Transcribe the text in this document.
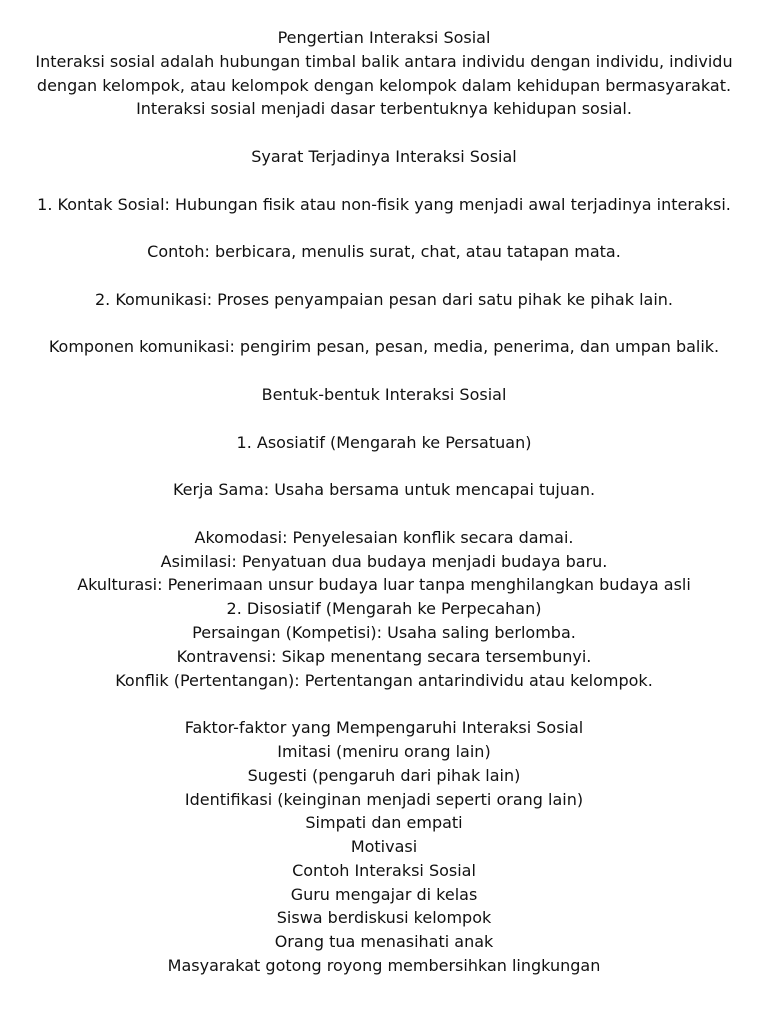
Pengertian Interaksi Sosial
Interaksi sosial adalah hubungan timbal balik antara individu dengan individu, individu
dengan kelompok, atau kelompok dengan kelompok dalam kehidupan bermasyarakat.
Interaksi sosial menjadi dasar terbentuknya kehidupan sosial.
Syarat Terjadinya Interaksi Sosial
1. Kontak Sosial: Hubungan fisik atau non-fisik yang menjadi awal terjadinya interaksi.
Contoh: berbicara, menulis surat, chat, atau tatapan mata.
2. Komunikasi: Proses penyampaian pesan dari satu pihak ke pihak lain.
Komponen komunikasi: pengirim pesan, pesan, media, penerima, dan umpan balik.
Bentuk-bentuk Interaksi Sosial
1. Asosiatif (Mengarah ke Persatuan)
Kerja Sama: Usaha bersama untuk mencapai tujuan.
Akomodasi: Penyelesaian konflik secara damai.
Asimilasi: Penyatuan dua budaya menjadi budaya baru.
Akulturasi: Penerimaan unsur budaya luar tanpa menghilangkan budaya asli
2. Disosiatif (Mengarah ke Perpecahan)
Persaingan (Kompetisi): Usaha saling berlomba.
Kontravensi: Sikap menentang secara tersembunyi.
Konflik (Pertentangan): Pertentangan antarindividu atau kelompok.
Faktor-faktor yang Mempengaruhi Interaksi Sosial
Imitasi (meniru orang lain)
Sugesti (pengaruh dari pihak lain)
Identifikasi (keinginan menjadi seperti orang lain)
Simpati dan empati
Motivasi
Contoh Interaksi Sosial
Guru mengajar di kelas
Siswa berdiskusi kelompok
Orang tua menasihati anak
Masyarakat gotong royong membersihkan lingkungan
